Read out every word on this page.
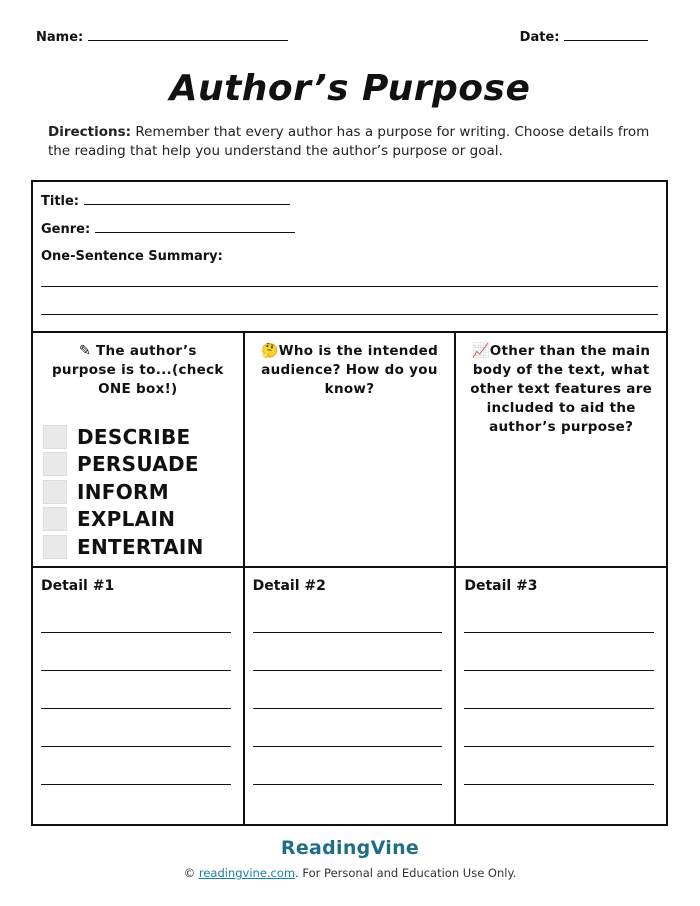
Name:	Date:
Author’s Purpose
Directions: Remember that every author has a purpose for writing. Choose details from the reading that help you understand the author’s purpose or goal.
Title:
Genre:
One-Sentence Summary:
✎ The author’s purpose is to...(check ONE box!)
DESCRIBE
PERSUADE
INFORM
EXPLAIN
ENTERTAIN
🤔Who is the intended audience? How do you know?
📈Other than the main body of the text, what other text features are included to aid the author’s purpose?
Detail #1	Detail #2	Detail #3
ReadingVine
© readingvine.com. For Personal and Education Use Only.
